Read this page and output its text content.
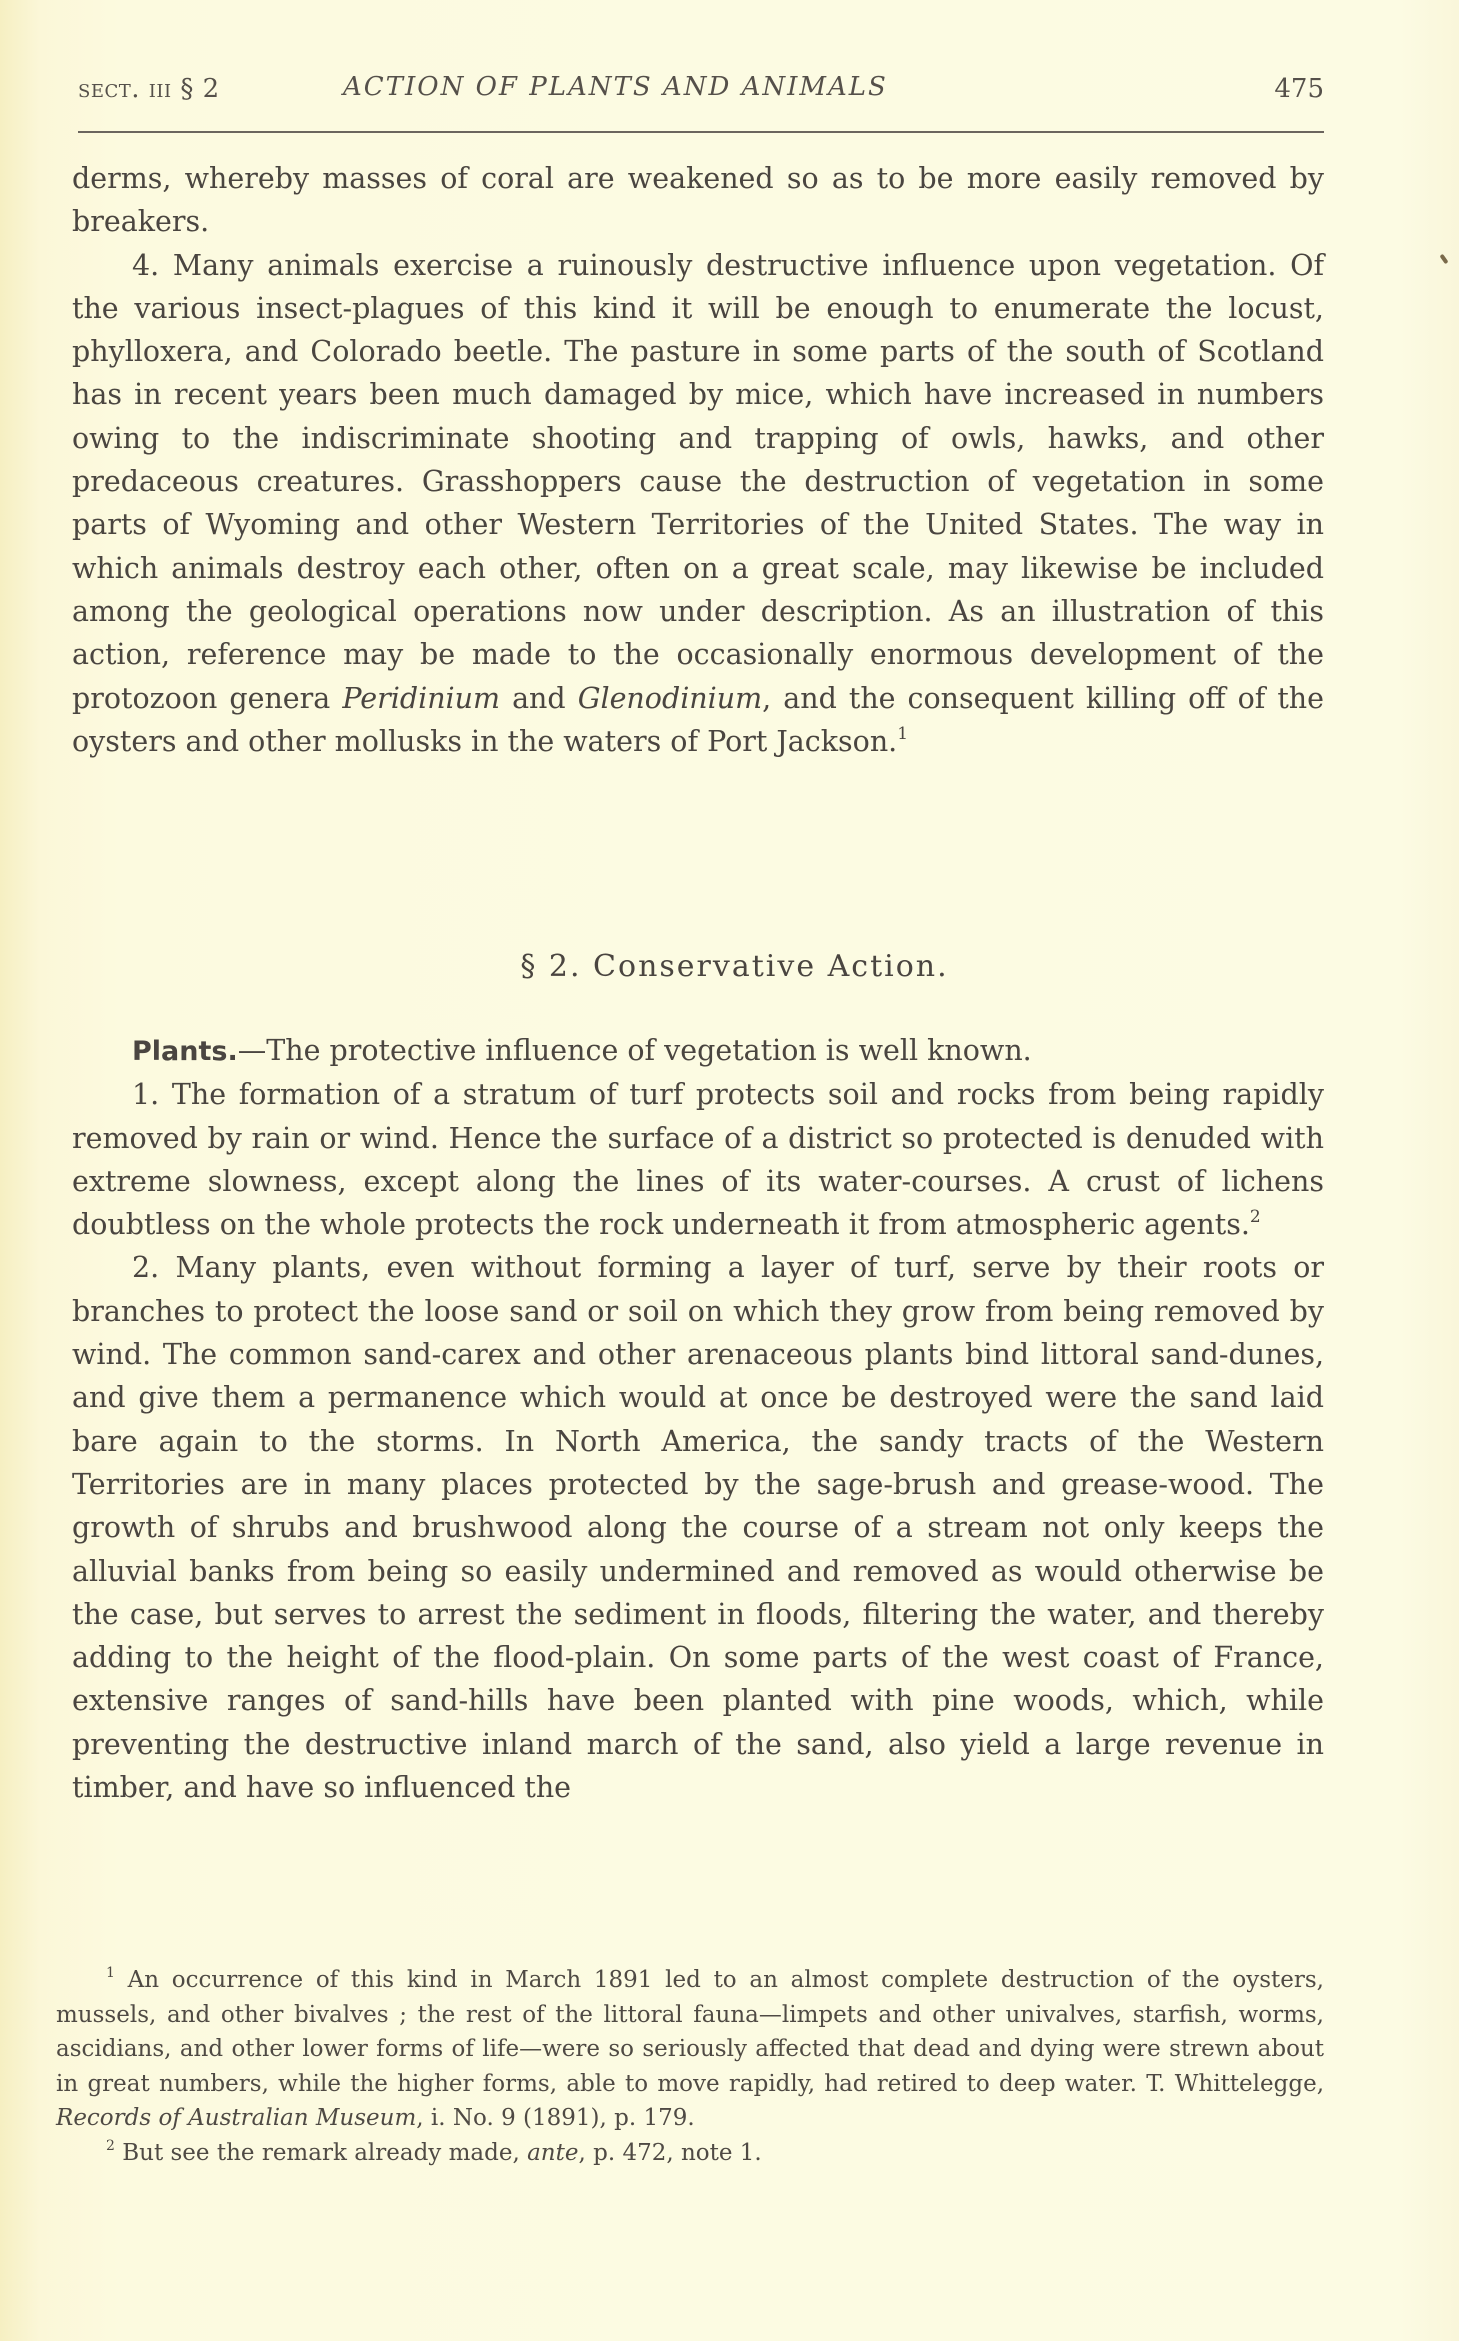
sect. iii § 2	ACTION OF PLANTS AND ANIMALS	475

derms, whereby masses of coral are weakened so as to be more easily removed by breakers.

4. Many animals exercise a ruinously destructive influence upon vegetation. Of the various insect-plagues of this kind it will be enough to enumerate the locust, phylloxera, and Colorado beetle. The pasture in some parts of the south of Scotland has in recent years been much damaged by mice, which have increased in numbers owing to the indiscriminate shooting and trapping of owls, hawks, and other predaceous creatures. Grasshoppers cause the destruction of vegetation in some parts of Wyoming and other Western Territories of the United States. The way in which animals destroy each other, often on a great scale, may likewise be included among the geological operations now under description. As an illustration of this action, reference may be made to the occasionally enormous development of the protozoon genera Peridinium and Glenodinium, and the consequent killing off of the oysters and other mollusks in the waters of Port Jackson.$^1$

§ 2. Conservative Action.

Plants.—The protective influence of vegetation is well known.

1. The formation of a stratum of turf protects soil and rocks from being rapidly removed by rain or wind. Hence the surface of a district so protected is denuded with extreme slowness, except along the lines of its water-courses. A crust of lichens doubtless on the whole protects the rock underneath it from atmospheric agents.$^2$

2. Many plants, even without forming a layer of turf, serve by their roots or branches to protect the loose sand or soil on which they grow from being removed by wind. The common sand-carex and other arenaceous plants bind littoral sand-dunes, and give them a permanence which would at once be destroyed were the sand laid bare again to the storms. In North America, the sandy tracts of the Western Territories are in many places protected by the sage-brush and grease-wood. The growth of shrubs and brushwood along the course of a stream not only keeps the alluvial banks from being so easily undermined and removed as would otherwise be the case, but serves to arrest the sediment in floods, filtering the water, and thereby adding to the height of the flood-plain. On some parts of the west coast of France, extensive ranges of sand-hills have been planted with pine woods, which, while preventing the destructive inland march of the sand, also yield a large revenue in timber, and have so influenced the

$^1$ An occurrence of this kind in March 1891 led to an almost complete destruction of the oysters, mussels, and other bivalves ; the rest of the littoral fauna—limpets and other univalves, starfish, worms, ascidians, and other lower forms of life—were so seriously affected that dead and dying were strewn about in great numbers, while the higher forms, able to move rapidly, had retired to deep water. T. Whittelegge, Records of Australian Museum, i. No. 9 (1891), p. 179.

$^2$ But see the remark already made, ante, p. 472, note 1.
